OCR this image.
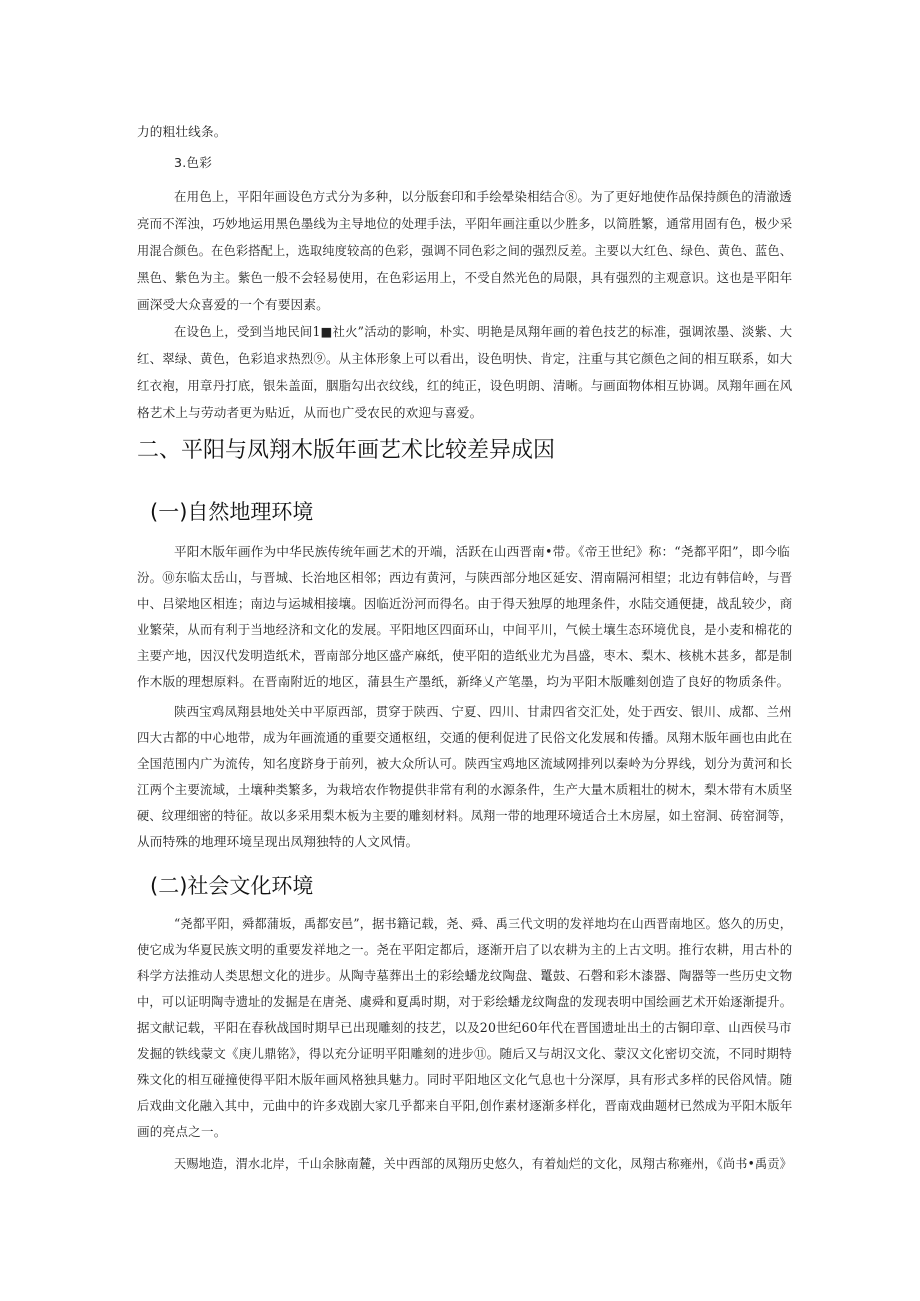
力的粗壮线条。
3.色彩
在用色上，平阳年画设色方式分为多种，以分版套印和手绘晕染相结合⑧。为了更好地使作品保持颜色的清澈透
亮而不浑浊，巧妙地运用黑色墨线为主导地位的处理手法，平阳年画注重以少胜多，以简胜繁，通常用固有色，极少采
用混合颜色。在色彩搭配上，选取纯度较高的色彩，强调不同色彩之间的强烈反差。主要以大红色、绿色、黄色、蓝色、
黑色、紫色为主。紫色一般不会轻易使用，在色彩运用上，不受自然光色的局限，具有强烈的主观意识。这也是平阳年
画深受大众喜爱的一个有要因素。
在设色上，受到当地民间1■社火”活动的影响，朴实、明艳是凤翔年画的着色技艺的标准，强调浓墨、淡紫、大
红、翠绿、黄色，色彩追求热烈⑨。从主体形象上可以看出，设色明快、肯定，注重与其它颜色之间的相互联系，如大
红衣袍，用章丹打底，银朱盖面，胭脂勾出衣纹线，红的纯正，设色明朗、清晰。与画面物体相互协调。凤翔年画在风
格艺术上与劳动者更为贴近，从而也广受农民的欢迎与喜爱。
二、平阳与凤翔木版年画艺术比较差异成因
(一)自然地理环境
平阳木版年画作为中华民族传统年画艺术的开端，活跃在山西晋南•带。《帝王世纪》称：“尧都平阳”，即今临
汾。⑩东临太岳山，与晋城、长治地区相邻；西边有黄河，与陕西部分地区延安、渭南隔河相望；北边有韩信岭，与晋
中、吕梁地区相连；南边与运城相接壤。因临近汾河而得名。由于得天独厚的地理条件，水陆交通便捷，战乱较少，商
业繁荣，从而有利于当地经济和文化的发展。平阳地区四面环山，中间平川，气候土壤生态环境优良，是小麦和棉花的
主要产地，因汉代发明造纸术，晋南部分地区盛产麻纸，使平阳的造纸业尤为昌盛，枣木、梨木、核桃木甚多，都是制
作木版的理想原料。在晋南附近的地区，蒲县生产墨纸，新绛乂产笔墨，均为平阳木版雕刻创造了良好的物质条件。
陕西宝鸡凤翔县地处关中平原西部，贯穿于陕西、宁夏、四川、甘肃四省交汇处，处于西安、银川、成都、兰州
四大古都的中心地带，成为年画流通的重要交通枢纽，交通的便利促进了民俗文化发展和传播。凤翔木版年画也由此在
全国范围内广为流传，知名度跻身于前列，被大众所认可。陕西宝鸡地区流域网排列以秦岭为分界线，划分为黄河和长
江两个主要流域，土壤种类繁多，为栽培农作物提供非常有利的水源条件，生产大量木质粗壮的树木，梨木带有木质坚
硬、纹理细密的特征。故以多采用梨木板为主要的雕刻材料。凤翔一带的地理环境适合土木房屋，如土窑洞、砖窑洞等，
从而特殊的地理环境呈现出凤翔独特的人文风情。
(二)社会文化环境
“尧都平阳，舜都蒲坂，禹都安邑”，据书籍记载，尧、舜、禹三代文明的发祥地均在山西晋南地区。悠久的历史，
使它成为华夏民族文明的重要发祥地之一。尧在平阳定都后，逐渐开启了以农耕为主的上古文明。推行农耕，用古朴的
科学方法推动人类思想文化的进步。从陶寺墓葬出土的彩绘蟠龙纹陶盘、鼍鼓、石磬和彩木漆器、陶器等一些历史文物
中，可以证明陶寺遗址的发掘是在唐尧、虞舜和夏禹时期，对于彩绘蟠龙纹陶盘的发现表明中国绘画艺术开始逐渐提升。
据文献记载，平阳在春秋战国时期早已出现雕刻的技艺，以及20世纪60年代在晋国遗址出土的古铜印章、山西侯马市
发掘的铁线蒙文《庚儿鼎铭》，得以充分证明平阳雕刻的进步⑪。随后又与胡汉文化、蒙汉文化密切交流，不同时期特
殊文化的相互碰撞使得平阳木版年画风格独具魅力。同时平阳地区文化气息也十分深厚，具有形式多样的民俗风情。随
后戏曲文化融入其中，元曲中的许多戏剧大家几乎都来自平阳,创作素材逐渐多样化，晋南戏曲题材已然成为平阳木版年
画的亮点之一。
天赐地造，渭水北岸，千山余脉南麓，关中西部的凤翔历史悠久，有着灿烂的文化，凤翔古称雍州，《尚书•禹贡》
